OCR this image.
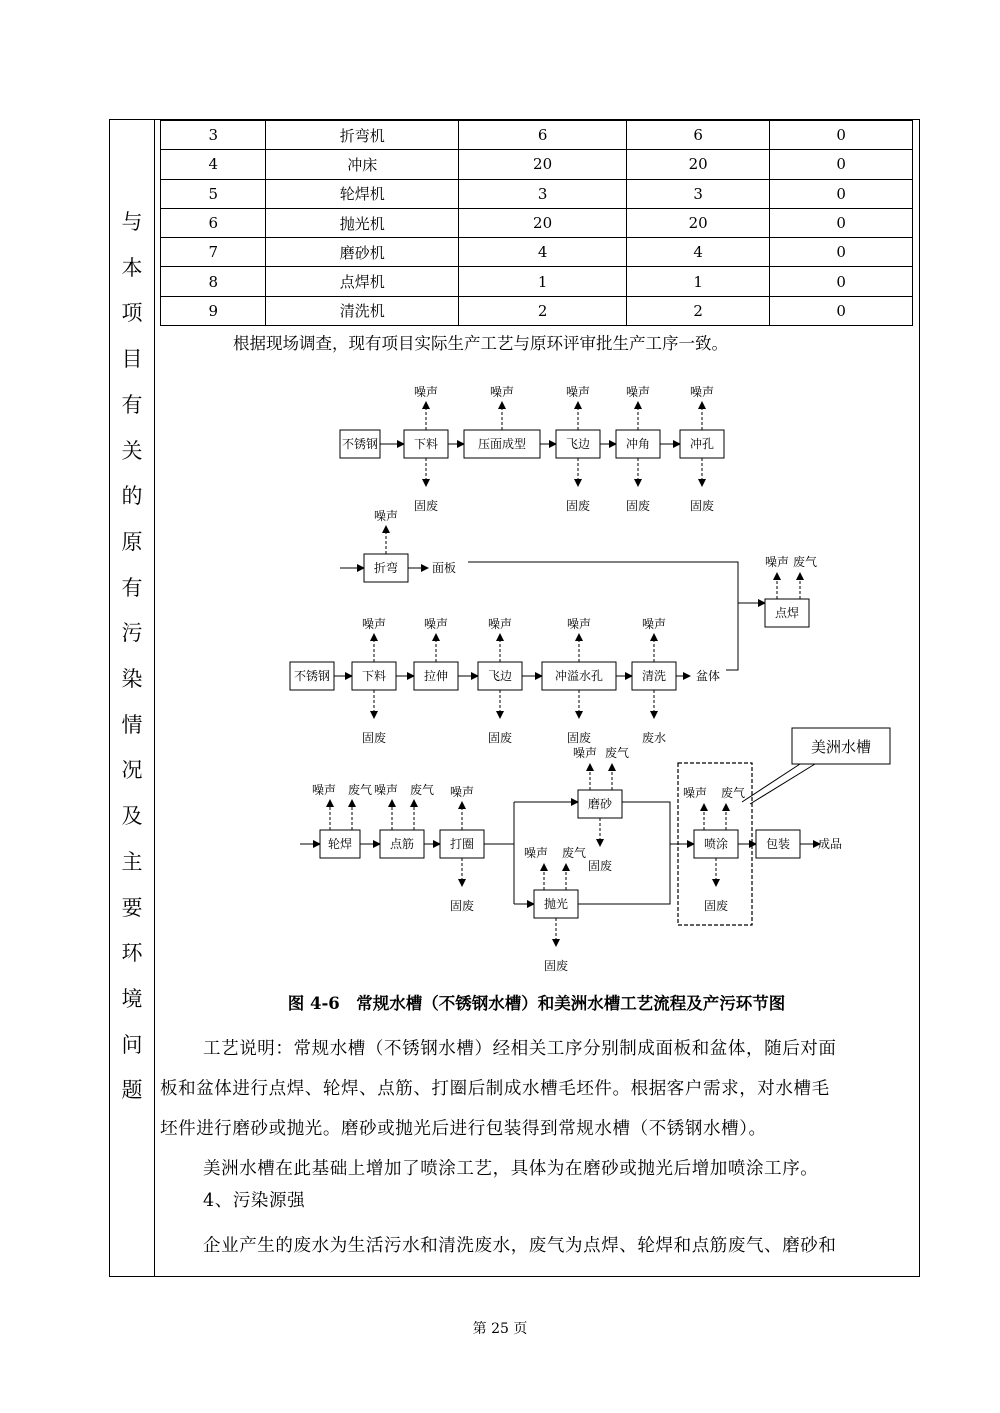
与
本
项
目
有
关
的
原
有
污
染
情
况
及
主
要
环
境
问
题
3	折弯机	6	6	0
4	冲床	20	20	0
5	轮焊机	3	3	0
6	抛光机	20	20	0
7	磨砂机	4	4	0
8	点焊机	1	1	0
9	清洗机	2	2	0
根据现场调查，现有项目实际生产工艺与原环评审批生产工序一致。
不锈钢	下料	压面成型	飞边	冲角	冲孔
噪声	噪声	噪声	噪声	噪声
固废	固废	固废	固废
折弯
噪声
面板
点焊
噪声 废气
不锈钢	下料	拉伸	飞边	冲溢水孔	清洗
噪声	噪声	噪声	噪声	噪声
固废	固废	固废	废水
盆体
轮焊	点筋	打圈
噪声 废气 噪声 废气 噪声
固废
磨砂
噪声 废气
固废
抛光
噪声 废气
固废
喷涂
噪声 废气
固废
包装 成品
美洲水槽
图 4-6　常规水槽（不锈钢水槽）和美洲水槽工艺流程及产污环节图
工艺说明：常规水槽（不锈钢水槽）经相关工序分别制成面板和盆体，随后对面
板和盆体进行点焊、轮焊、点筋、打圈后制成水槽毛坯件。根据客户需求，对水槽毛
坯件进行磨砂或抛光。磨砂或抛光后进行包装得到常规水槽（不锈钢水槽）。
美洲水槽在此基础上增加了喷涂工艺，具体为在磨砂或抛光后增加喷涂工序。
4、污染源强
企业产生的废水为生活污水和清洗废水，废气为点焊、轮焊和点筋废气、磨砂和
第 25 页
